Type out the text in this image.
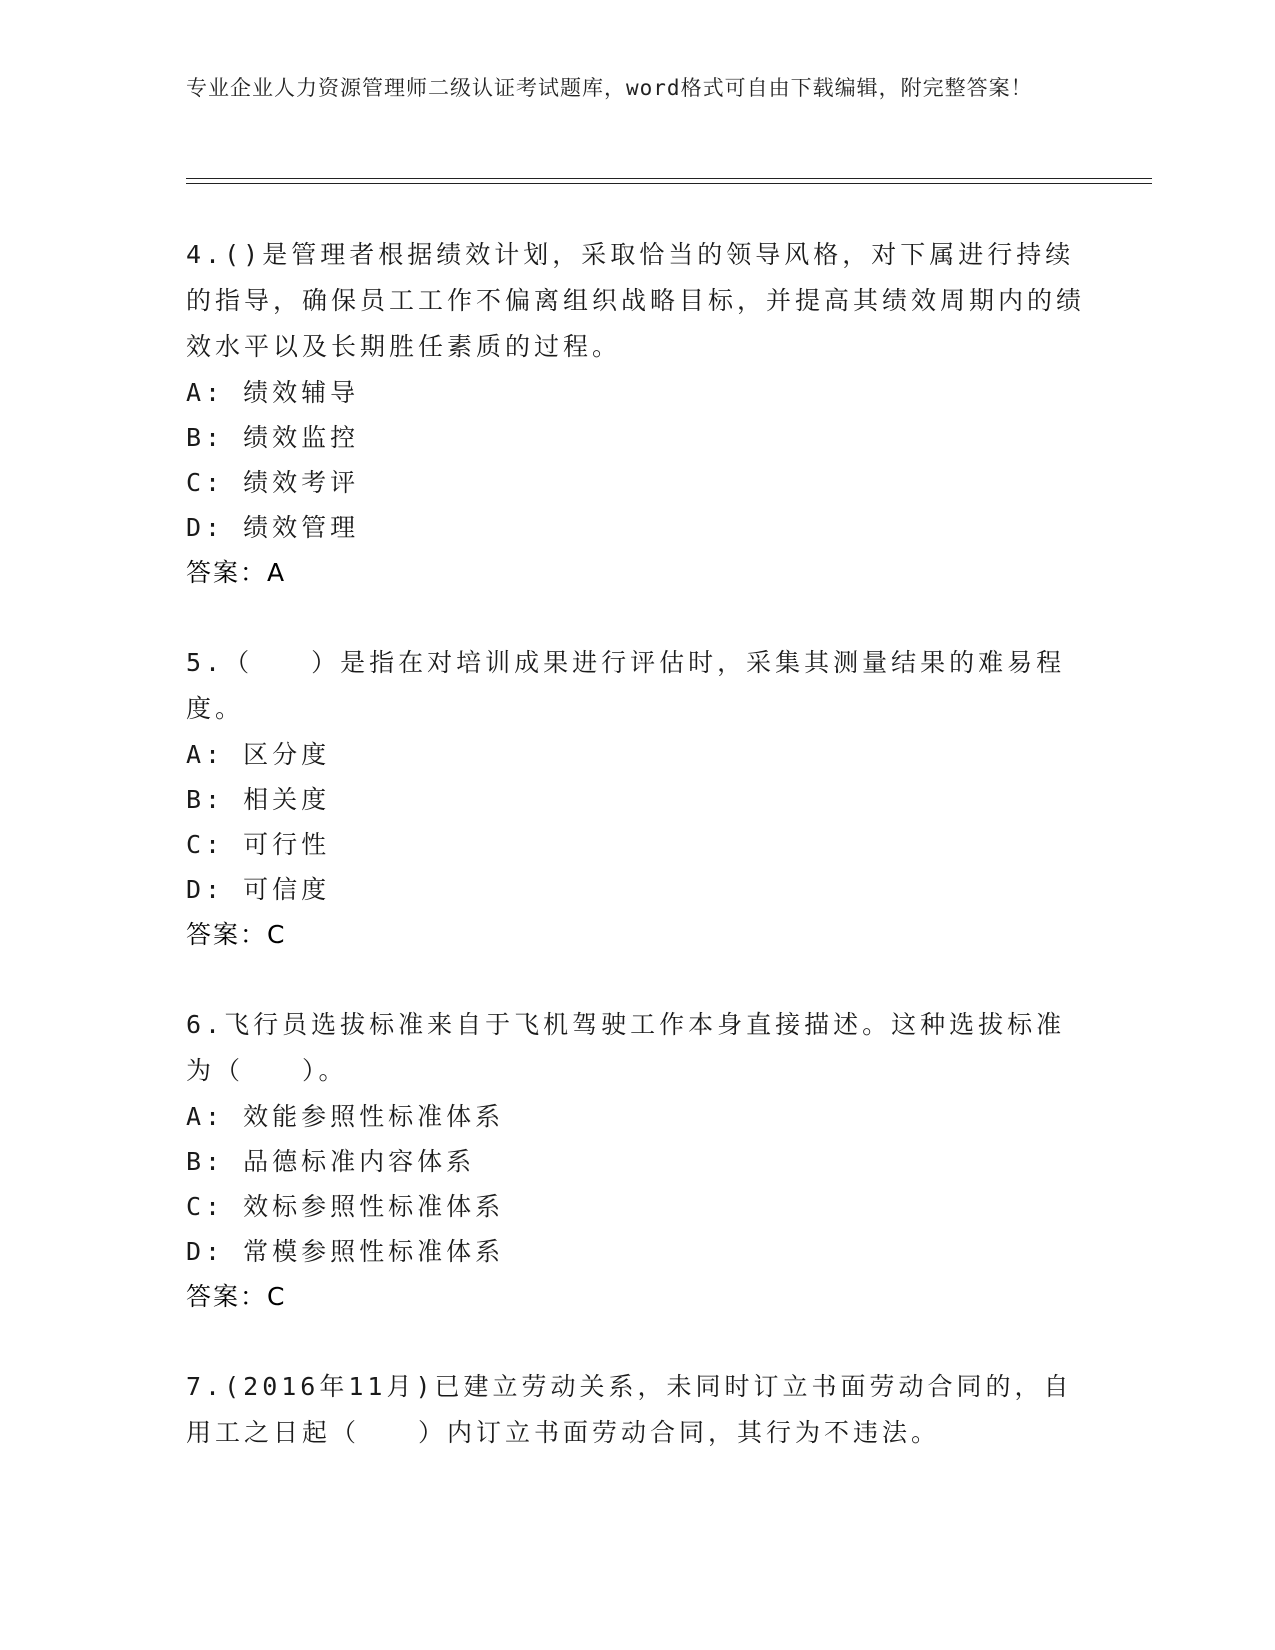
专业企业人力资源管理师二级认证考试题库，word格式可自由下载编辑，附完整答案！
4.()是管理者根据绩效计划，采取恰当的领导风格，对下属进行持续的指导，确保员工工作不偏离组织战略目标，并提高其绩效周期内的绩效水平以及长期胜任素质的过程。
A: 绩效辅导
B: 绩效监控
C: 绩效考评
D: 绩效管理
答案：A
5.（　　）是指在对培训成果进行评估时，采集其测量结果的难易程度。
A: 区分度
B: 相关度
C: 可行性
D: 可信度
答案：C
6.飞行员选拔标准来自于飞机驾驶工作本身直接描述。这种选拔标准为（　　）。
A: 效能参照性标准体系
B: 品德标准内容体系
C: 效标参照性标准体系
D: 常模参照性标准体系
答案：C
7.(2016年11月)已建立劳动关系，未同时订立书面劳动合同的，自用工之日起（　　）内订立书面劳动合同，其行为不违法。
